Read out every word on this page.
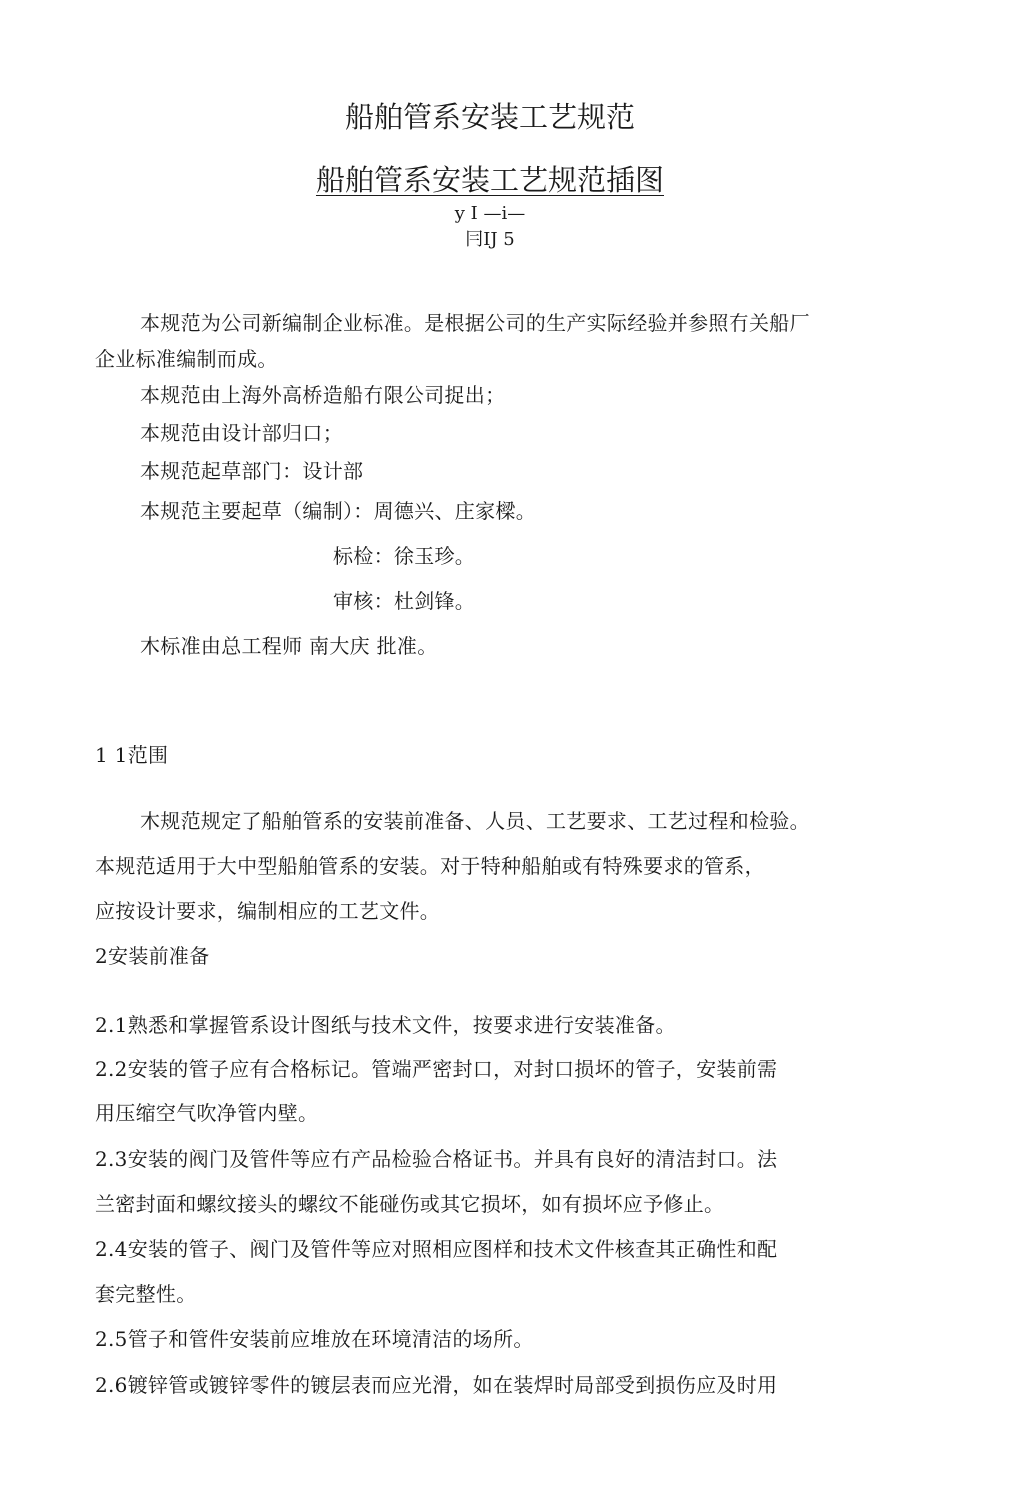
船舶管系安装工艺规范
船舶管系安装工艺规范插图
y I —i—
冃IJ 5
本规范为公司新编制企业标准。是根据公司的生产实际经验并参照冇关船厂
企业标准编制而成。
本规范由上海外高桥造船冇限公司捉出；
本规范由设计部归口；
本规范起草部门：设计部
本规范主要起草（编制）：周德兴、庄家樑。
标检：徐玉珍。
审核：杜剑锋。
木标准由总工程师 南大庆 批准。
1 1范围
木规范规定了船舶管系的安装前准备、人员、工艺要求、工艺过程和检验。
本规范适用于大中型船舶管系的安装。对于特种船舶或有特殊要求的管系，
应按设计要求，编制相应的工艺文件。
2安装前准备
2.1熟悉和掌握管系设计图纸与技术文件，按要求进行安装准备。
2.2安装的管子应有合格标记。管端严密封口，对封口损坏的管子，安装前需
用压缩空气吹净管内壁。
2.3安装的阀门及管件等应冇产品检验合格证书。并具有良好的清洁封口。法
兰密封面和螺纹接头的螺纹不能碰伤或其它损坏，如有损坏应予修止。
2.4安装的管子、阀门及管件等应对照相应图样和技术文件核查其正确性和配
套完整性。
2.5管子和管件安装前应堆放在环境清洁的场所。
2.6镀锌管或镀锌零件的镀层表而应光滑，如在装焊时局部受到损伤应及时用
